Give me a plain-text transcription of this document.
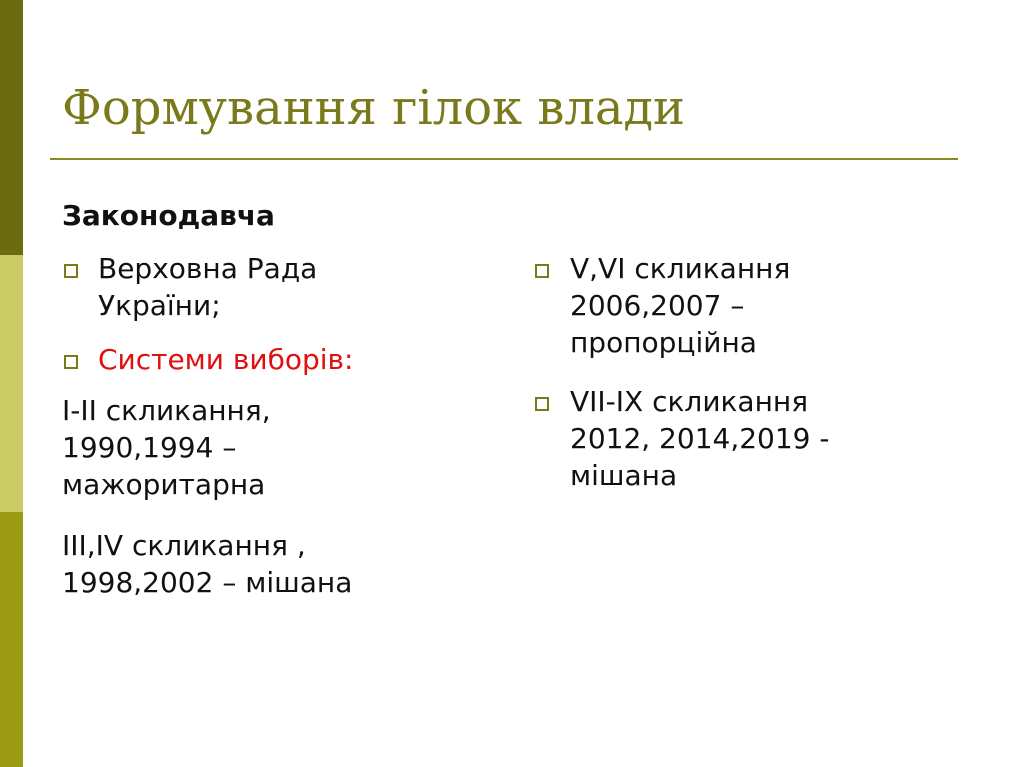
Формування гілок влади
Законодавча
Верховна Рада
України;
Системи виборів:
I-II скликання,
1990,1994 –
мажоритарна
III,IV скликання ,
1998,2002 – мішана
V,VI скликання
2006,2007 –
пропорційна
VII-IX скликання
2012, 2014,2019 -
мішана
